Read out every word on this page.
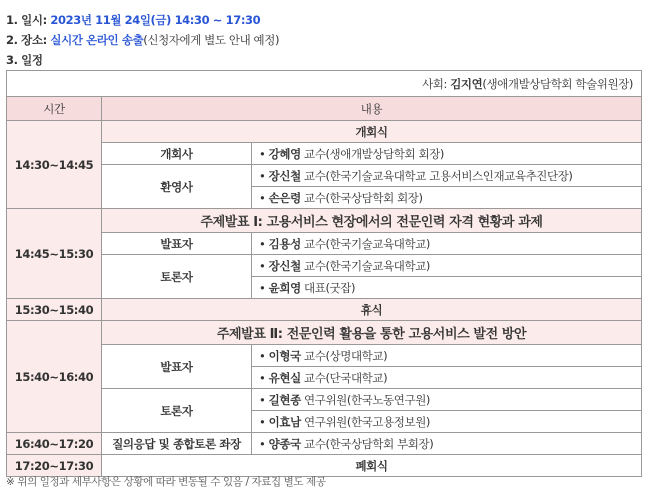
1. 일시: 2023년 11월 24일(금) 14:30 ~ 17:30
2. 장소: 실시간 온라인 송출(신청자에게 별도 안내 예정)
3. 일정
사회: 김지연(생애개발상담학회 학술위원장)		
시간	내용	
14:30~14:45	개회식	
	개회사	• 강혜영 교수(생애개발상담학회 회장)
	환영사	• 장신철 교수(한국기술교육대학교 고용서비스인재교육추진단장)
		• 손은령 교수(한국상담학회 회장)
14:45~15:30	주제발표 Ⅰ: 고용서비스 현장에서의 전문인력 자격 현황과 과제	
	발표자	• 김용성 교수(한국기술교육대학교)
	토론자	• 장신철 교수(한국기술교육대학교)
		• 윤희영 대표(굿잡)
15:30~15:40	휴식	
15:40~16:40	주제발표 Ⅱ: 전문인력 활용을 통한 고용서비스 발전 방안	
	발표자	• 이형국 교수(상명대학교)
		• 유현실 교수(단국대학교)
	토론자	• 길현종 연구위원(한국노동연구원)
		• 이효남 연구위원(한국고용정보원)
16:40~17:20	질의응답 및 종합토론 좌장	• 양종국 교수(한국상담학회 부회장)
17:20~17:30	폐회식	
※ 위의 일정과 세부사항은 상황에 따라 변동될 수 있음 / 자료집 별도 제공
